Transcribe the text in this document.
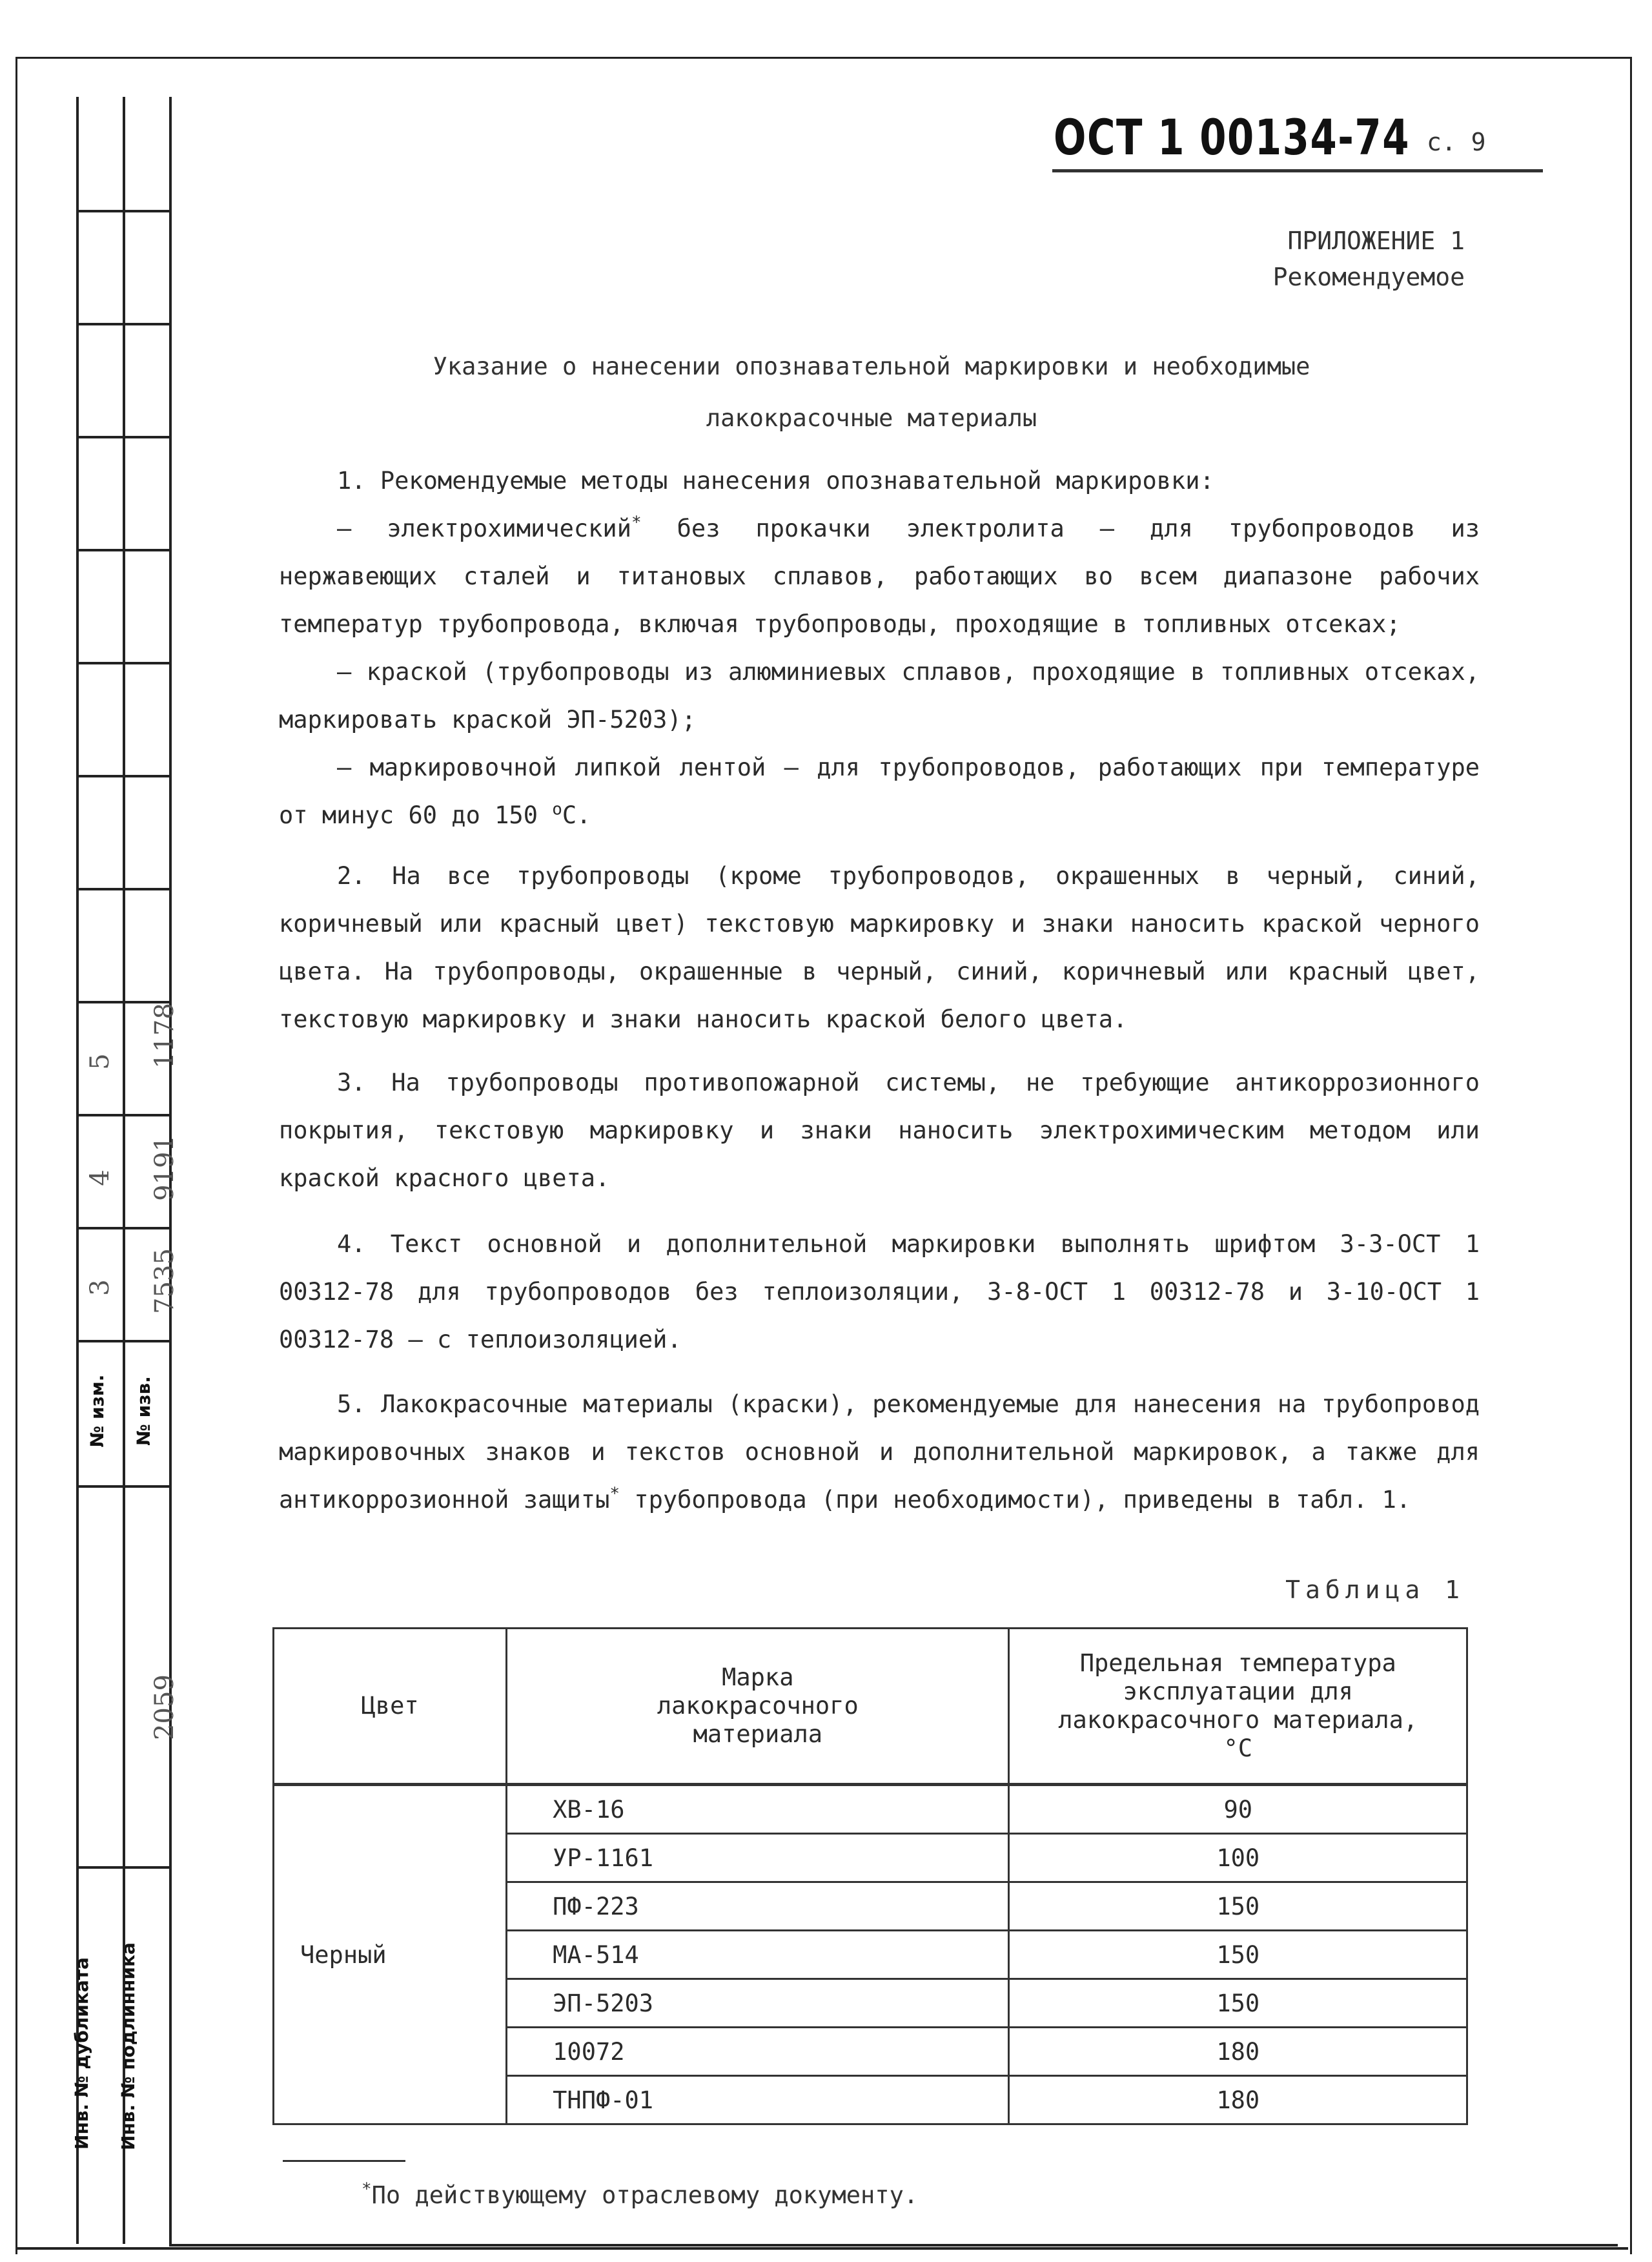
5 1178
4 9191
3 7535
№ изм. № изв.
2059
Инв. № дубликата Инв. № подлинника
ОСТ 1 00134-74 с. 9
ПРИЛОЖЕНИЕ 1
Рекомендуемое
Указание о нанесении опознавательной маркировки и необходимые
лакокрасочные материалы
1. Рекомендуемые методы нанесения опознавательной маркировки:
– электрохимический* без прокачки электролита – для трубопроводов из нержавеющих сталей и титановых сплавов, работающих во всем диапазоне рабочих температур трубопровода, включая трубопроводы, проходящие в топливных отсеках;
– краской (трубопроводы из алюминиевых сплавов, проходящие в топливных отсеках, маркировать краской ЭП-5203);
– маркировочной липкой лентой – для трубопроводов, работающих при температуре от минус 60 до 150 $^о$С.
2. На все трубопроводы (кроме трубопроводов, окрашенных в черный, синий, коричневый или красный цвет) текстовую маркировку и знаки наносить краской черного цвета. На трубопроводы, окрашенные в черный, синий, коричневый или красный цвет, текстовую маркировку и знаки наносить краской белого цвета.
3. На трубопроводы противопожарной системы, не требующие антикоррозионного покрытия, текстовую маркировку и знаки наносить электрохимическим методом или краской красного цвета.
4. Текст основной и дополнительной маркировки выполнять шрифтом 3-3-ОСТ 1 00312-78 для трубопроводов без теплоизоляции, 3-8-ОСТ 1 00312-78 и 3-10-ОСТ 1 00312-78 – с теплоизоляцией.
5. Лакокрасочные материалы (краски), рекомендуемые для нанесения на трубопровод маркировочных знаков и текстов основной и дополнительной маркировок, а также для антикоррозионной защиты* трубопровода (при необходимости), приведены в табл. 1.
Таблица 1
Цвет	Марка лакокрасочного материала	Предельная температура эксплуатации для лакокрасочного материала,
°С

Черный	ХВ-16	90
	УР-1161	100
	ПФ-223	150
	МА-514	150
	ЭП-5203	150
	10072	180
	ТНПФ-01	180
*По действующему отраслевому документу.
